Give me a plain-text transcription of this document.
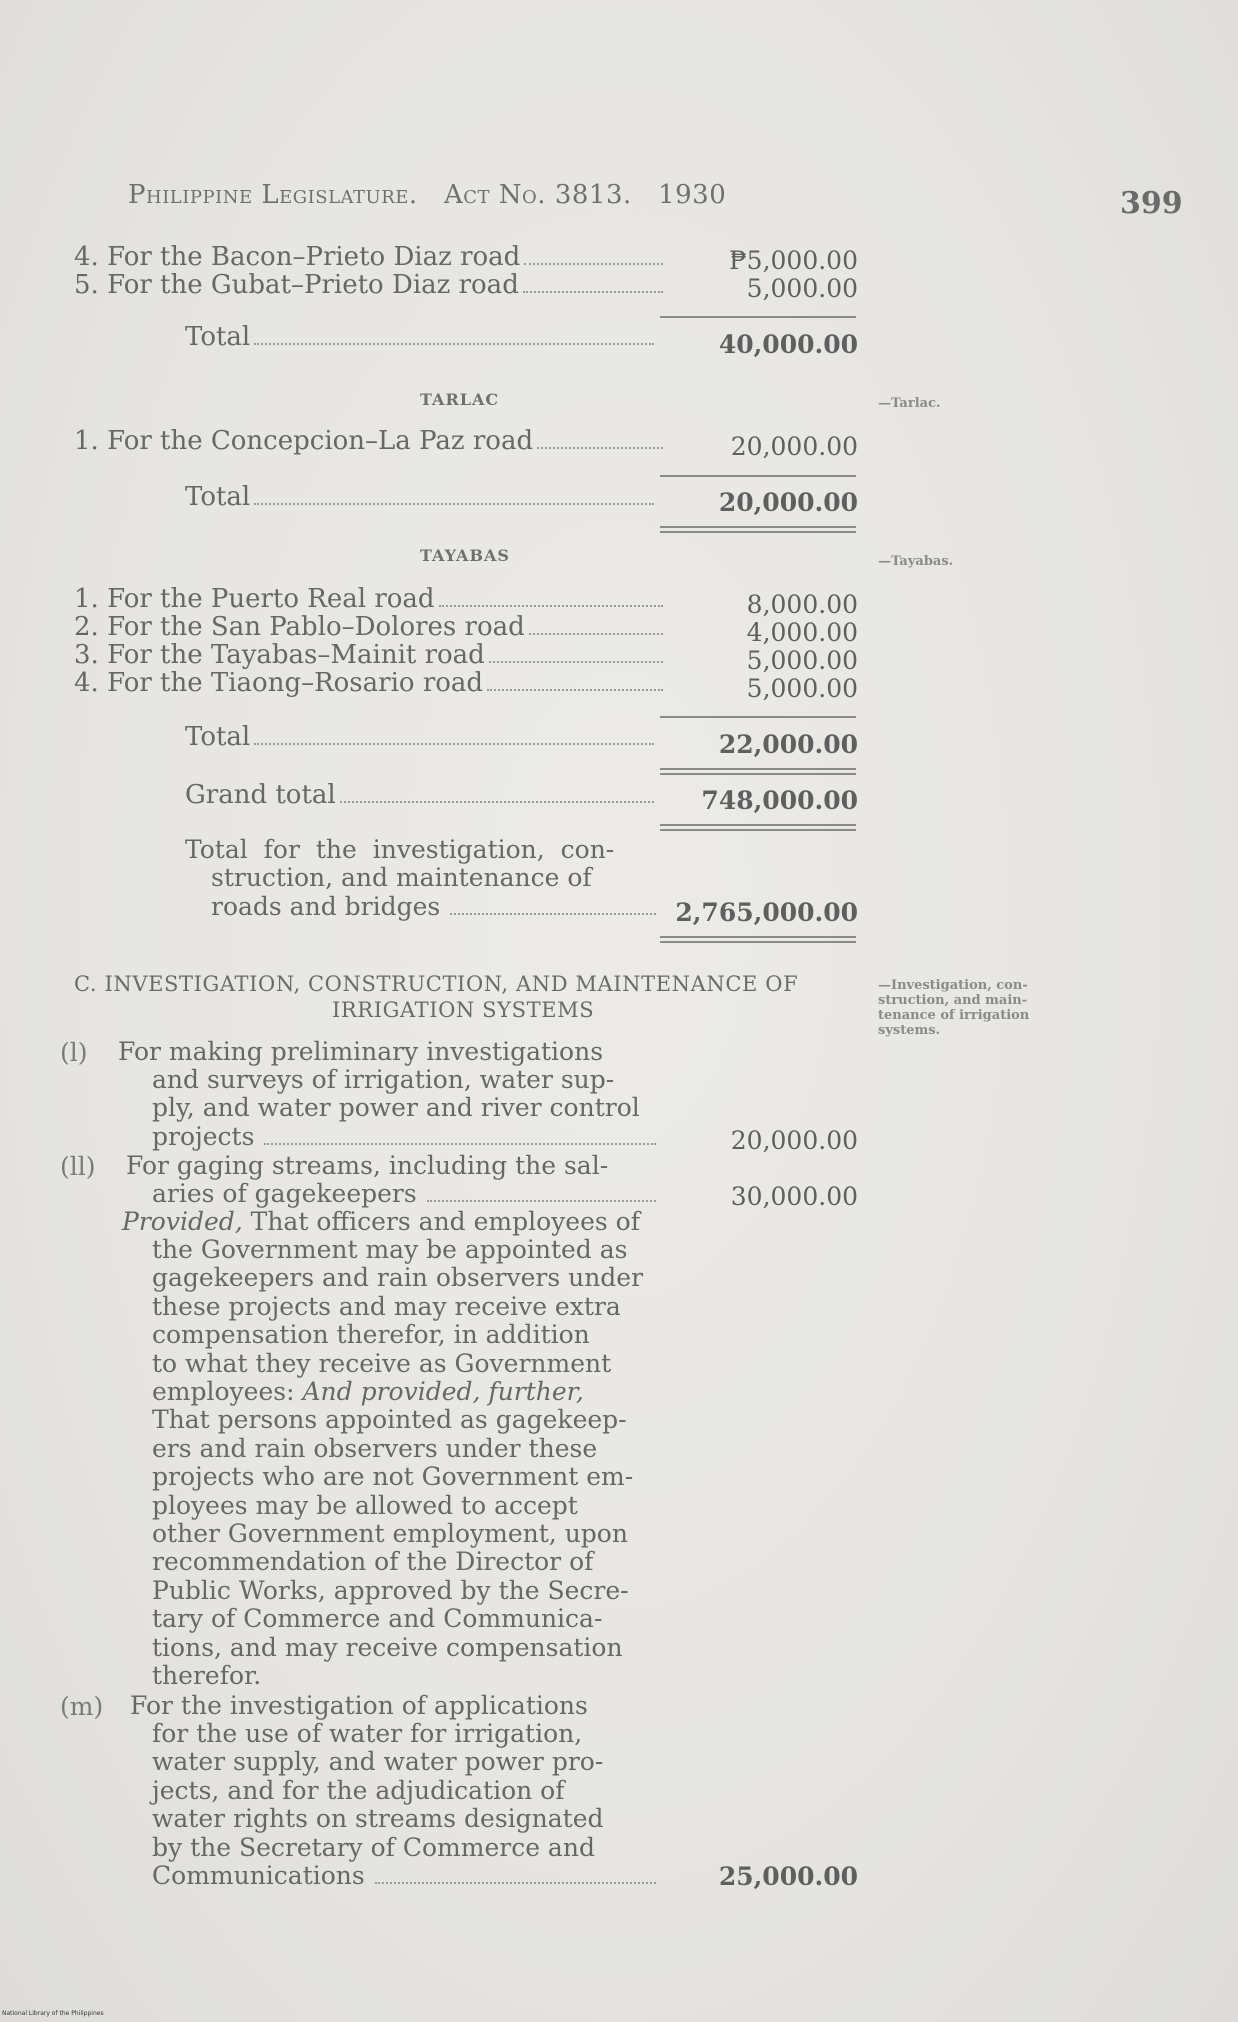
Philippine Legislature. Act No. 3813. 1930	399
4. For the Bacon–Prieto Diaz road	₱5,000.00
5. For the Gubat–Prieto Diaz road	5,000.00
Total	40,000.00
TARLAC	—Tarlac.
1. For the Concepcion–La Paz road	20,000.00
Total	20,000.00
TAYABAS	—Tayabas.
1. For the Puerto Real road	8,000.00
2. For the San Pablo–Dolores road	4,000.00
3. For the Tayabas–Mainit road	5,000.00
4. For the Tiaong–Rosario road	5,000.00
Total	22,000.00
Grand total	748,000.00
Total for the investigation, con-
struction, and maintenance of
roads and bridges	2,765,000.00
C. INVESTIGATION, CONSTRUCTION, AND MAINTENANCE OF
IRRIGATION SYSTEMS
—Investigation, con-
struction, and main-
tenance of irrigation
systems.
(l) For making preliminary investigations
and surveys of irrigation, water sup-
ply, and water power and river control
projects	20,000.00
(ll) For gaging streams, including the sal-
aries of gagekeepers	30,000.00
Provided, That officers and employees of
the Government may be appointed as
gagekeepers and rain observers under
these projects and may receive extra
compensation therefor, in addition
to what they receive as Government
employees: And provided, further,
That persons appointed as gagekeep-
ers and rain observers under these
projects who are not Government em-
ployees may be allowed to accept
other Government employment, upon
recommendation of the Director of
Public Works, approved by the Secre-
tary of Commerce and Communica-
tions, and may receive compensation
therefor.
(m) For the investigation of applications
for the use of water for irrigation,
water supply, and water power pro-
jects, and for the adjudication of
water rights on streams designated
by the Secretary of Commerce and
Communications	25,000.00
National Library of the Philippines
